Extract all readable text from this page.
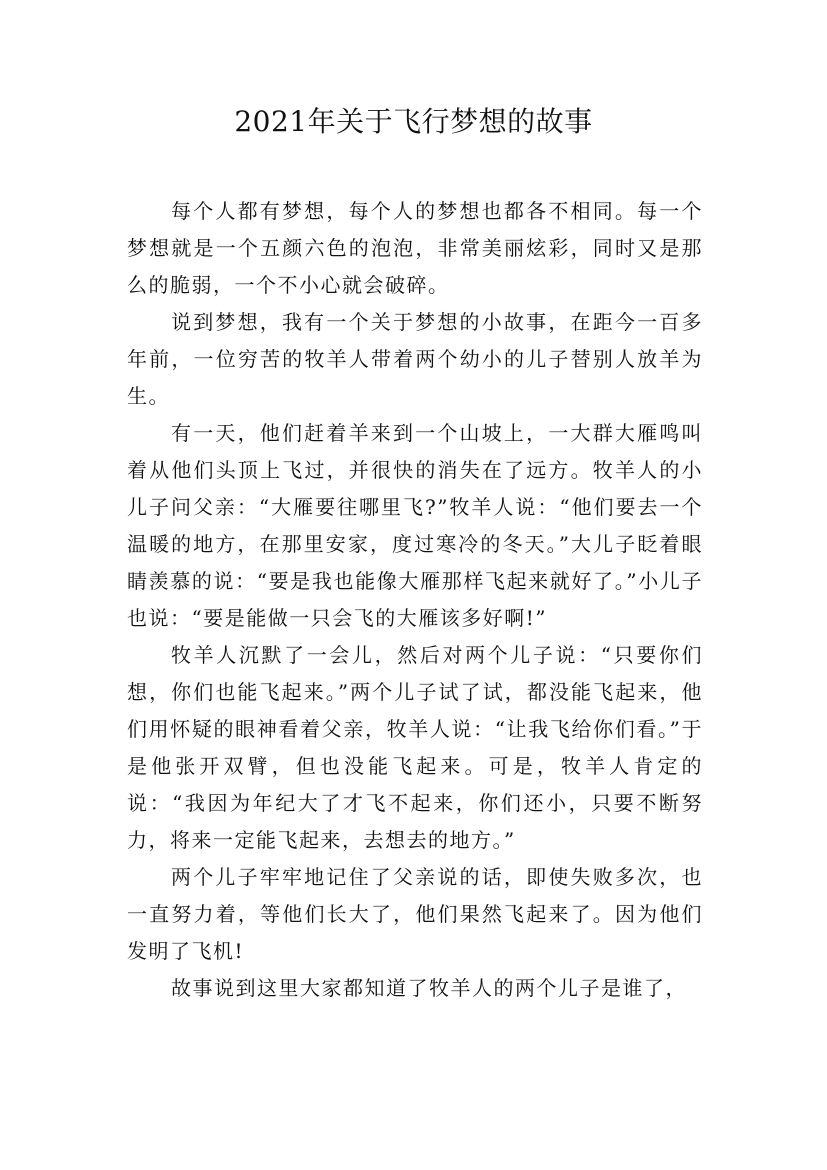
2021年关于飞行梦想的故事

每个人都有梦想，每个人的梦想也都各不相同。每一个梦想就是一个五颜六色的泡泡，非常美丽炫彩，同时又是那么的脆弱，一个不小心就会破碎。

说到梦想，我有一个关于梦想的小故事，在距今一百多年前，一位穷苦的牧羊人带着两个幼小的儿子替别人放羊为生。

有一天，他们赶着羊来到一个山坡上，一大群大雁鸣叫着从他们头顶上飞过，并很快的消失在了远方。牧羊人的小儿子问父亲：“大雁要往哪里飞?”牧羊人说：“他们要去一个温暖的地方，在那里安家，度过寒冷的冬天。”大儿子眨着眼睛羡慕的说：“要是我也能像大雁那样飞起来就好了。”小儿子也说：“要是能做一只会飞的大雁该多好啊!”

牧羊人沉默了一会儿，然后对两个儿子说：“只要你们想，你们也能飞起来。”两个儿子试了试，都没能飞起来，他们用怀疑的眼神看着父亲，牧羊人说：“让我飞给你们看。”于是他张开双臂，但也没能飞起来。可是，牧羊人肯定的说：“我因为年纪大了才飞不起来，你们还小，只要不断努力，将来一定能飞起来，去想去的地方。”

两个儿子牢牢地记住了父亲说的话，即使失败多次，也一直努力着，等他们长大了，他们果然飞起来了。因为他们发明了飞机!

故事说到这里大家都知道了牧羊人的两个儿子是谁了，
